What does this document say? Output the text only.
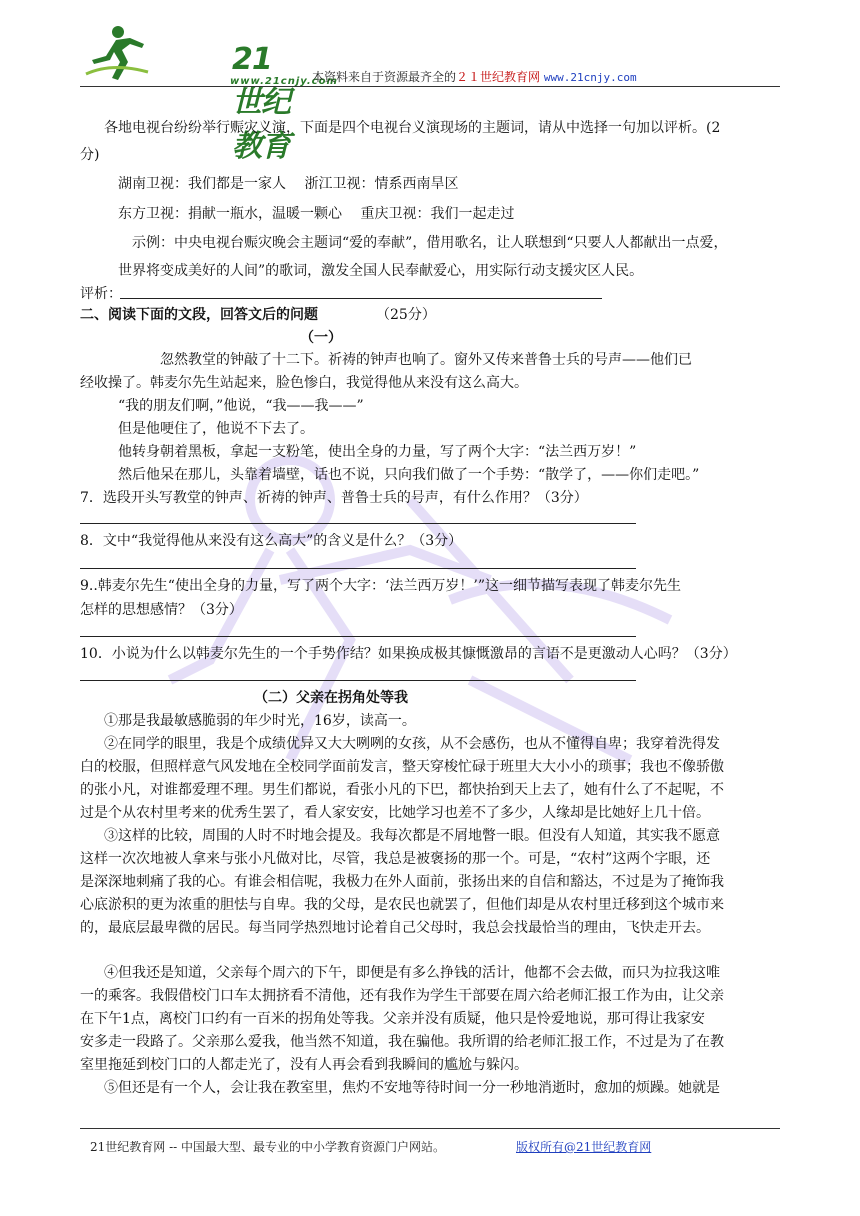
21世纪教育
www.21cnjy.com
本资料来自于资源最齐全的２１世纪教育网 www.21cnjy.com
各地电视台纷纷举行赈灾义演，下面是四个电视台义演现场的主题词，请从中选择一句加以评析。(2
分)
湖南卫视：我们都是一家人　 浙江卫视：情系西南旱区
东方卫视：捐献一瓶水，温暖一颗心　 重庆卫视：我们一起走过
示例：中央电视台赈灾晚会主题词“爱的奉献”，借用歌名，让人联想到“只要人人都献出一点爱，
世界将变成美好的人间”的歌词，激发全国人民奉献爱心，用实际行动支援灾区人民。
评析：
二、阅读下面的文段，回答文后的问题	（25分）
（一）
忽然教堂的钟敲了十二下。祈祷的钟声也响了。窗外又传来普鲁士兵的号声——他们已
经收操了。韩麦尔先生站起来，脸色惨白，我觉得他从来没有这么高大。
“我的朋友们啊，”他说，“我——我——”
但是他哽住了，他说不下去了。
他转身朝着黑板，拿起一支粉笔，使出全身的力量，写了两个大字：“法兰西万岁！”
然后他呆在那儿，头靠着墙壁，话也不说，只向我们做了一个手势：“散学了，——你们走吧。”
7．选段开头写教堂的钟声、祈祷的钟声、普鲁士兵的号声，有什么作用？（3分）
8．文中“我觉得他从来没有这么高大”的含义是什么？（3分）
9..韩麦尔先生“使出全身的力量，写了两个大字：‘法兰西万岁！’”这一细节描写表现了韩麦尔先生
怎样的思想感情？（3分）
10．小说为什么以韩麦尔先生的一个手势作结？如果换成极其慷慨激昂的言语不是更激动人心吗？（3分）
（二）父亲在拐角处等我
①那是我最敏感脆弱的年少时光，16岁，读高一。
②在同学的眼里，我是个成绩优异又大大咧咧的女孩，从不会感伤，也从不懂得自卑；我穿着洗得发
白的校服，但照样意气风发地在全校同学面前发言，整天穿梭忙碌于班里大大小小的琐事；我也不像骄傲
的张小凡，对谁都爱理不理。男生们都说，看张小凡的下巴，都快抬到天上去了，她有什么了不起呢，不
过是个从农村里考来的优秀生罢了，看人家安安，比她学习也差不了多少，人缘却是比她好上几十倍。
③这样的比较，周围的人时不时地会提及。我每次都是不屑地瞥一眼。但没有人知道，其实我不愿意
这样一次次地被人拿来与张小凡做对比，尽管，我总是被褒扬的那一个。可是，“农村”这两个字眼，还
是深深地刺痛了我的心。有谁会相信呢，我极力在外人面前，张扬出来的自信和豁达，不过是为了掩饰我
心底淤积的更为浓重的胆怯与自卑。我的父母，是农民也就罢了，但他们却是从农村里迁移到这个城市来
的，最底层最卑微的居民。每当同学热烈地讨论着自己父母时，我总会找最恰当的理由，飞快走开去。
④但我还是知道，父亲每个周六的下午，即便是有多么挣钱的活计，他都不会去做，而只为拉我这唯
一的乘客。我假借校门口车太拥挤看不清他，还有我作为学生干部要在周六给老师汇报工作为由，让父亲
在下午1点，离校门口约有一百米的拐角处等我。父亲并没有质疑，他只是怜爱地说，那可得让我家安
安多走一段路了。父亲那么爱我，他当然不知道，我在骗他。我所谓的给老师汇报工作，不过是为了在教
室里拖延到校门口的人都走光了，没有人再会看到我瞬间的尴尬与躲闪。
⑤但还是有一个人，会让我在教室里，焦灼不安地等待时间一分一秒地消逝时，愈加的烦躁。她就是
21世纪教育网 -- 中国最大型、最专业的中小学教育资源门户网站。	版权所有@21世纪教育网
